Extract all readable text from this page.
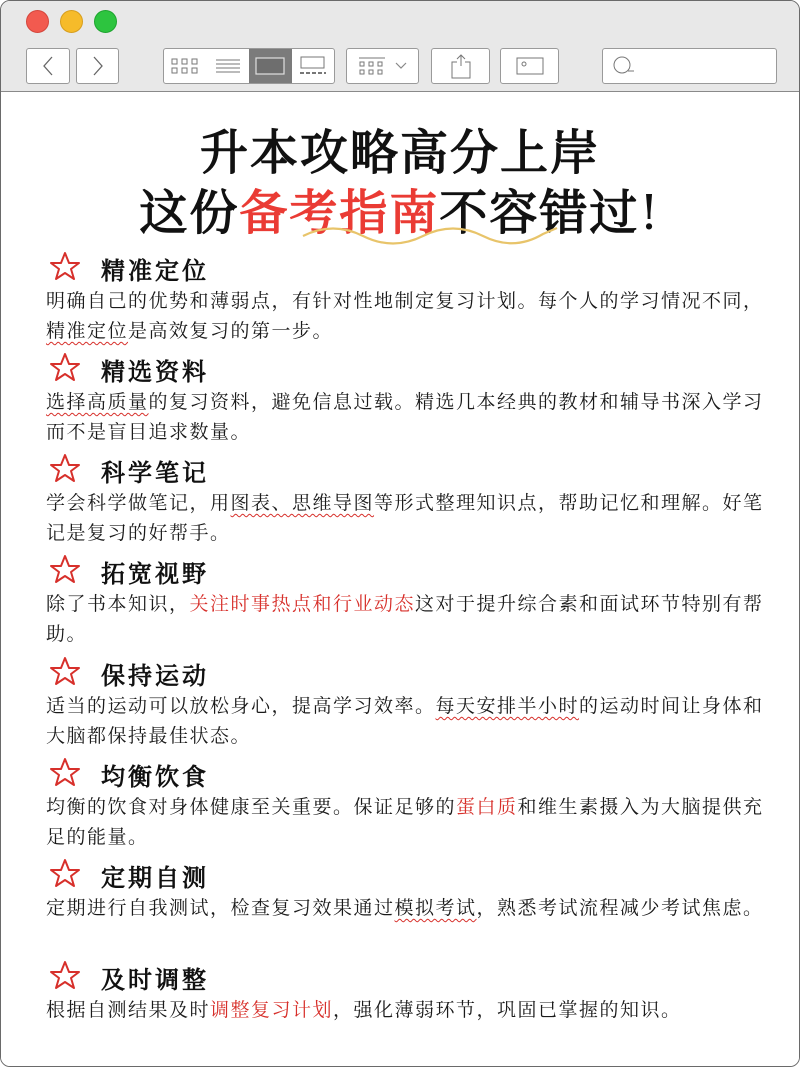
升本攻略高分上岸
这份备考指南不容错过!
精准定位
明确自己的优势和薄弱点，有针对性地制定复习计划。每个人的学习情况不同，精准定位是高效复习的第一步。
精选资料
选择高质量的复习资料，避免信息过载。精选几本经典的教材和辅导书深入学习而不是盲目追求数量。
科学笔记
学会科学做笔记，用图表、思维导图等形式整理知识点，帮助记忆和理解。好笔记是复习的好帮手。
拓宽视野
除了书本知识，关注时事热点和行业动态这对于提升综合素和面试环节特别有帮助。
保持运动
适当的运动可以放松身心，提高学习效率。每天安排半小时的运动时间让身体和大脑都保持最佳状态。
均衡饮食
均衡的饮食对身体健康至关重要。保证足够的蛋白质和维生素摄入为大脑提供充足的能量。
定期自测
定期进行自我测试，检查复习效果通过模拟考试，熟悉考试流程减少考试焦虑。
及时调整
根据自测结果及时调整复习计划，强化薄弱环节，巩固已掌握的知识。
